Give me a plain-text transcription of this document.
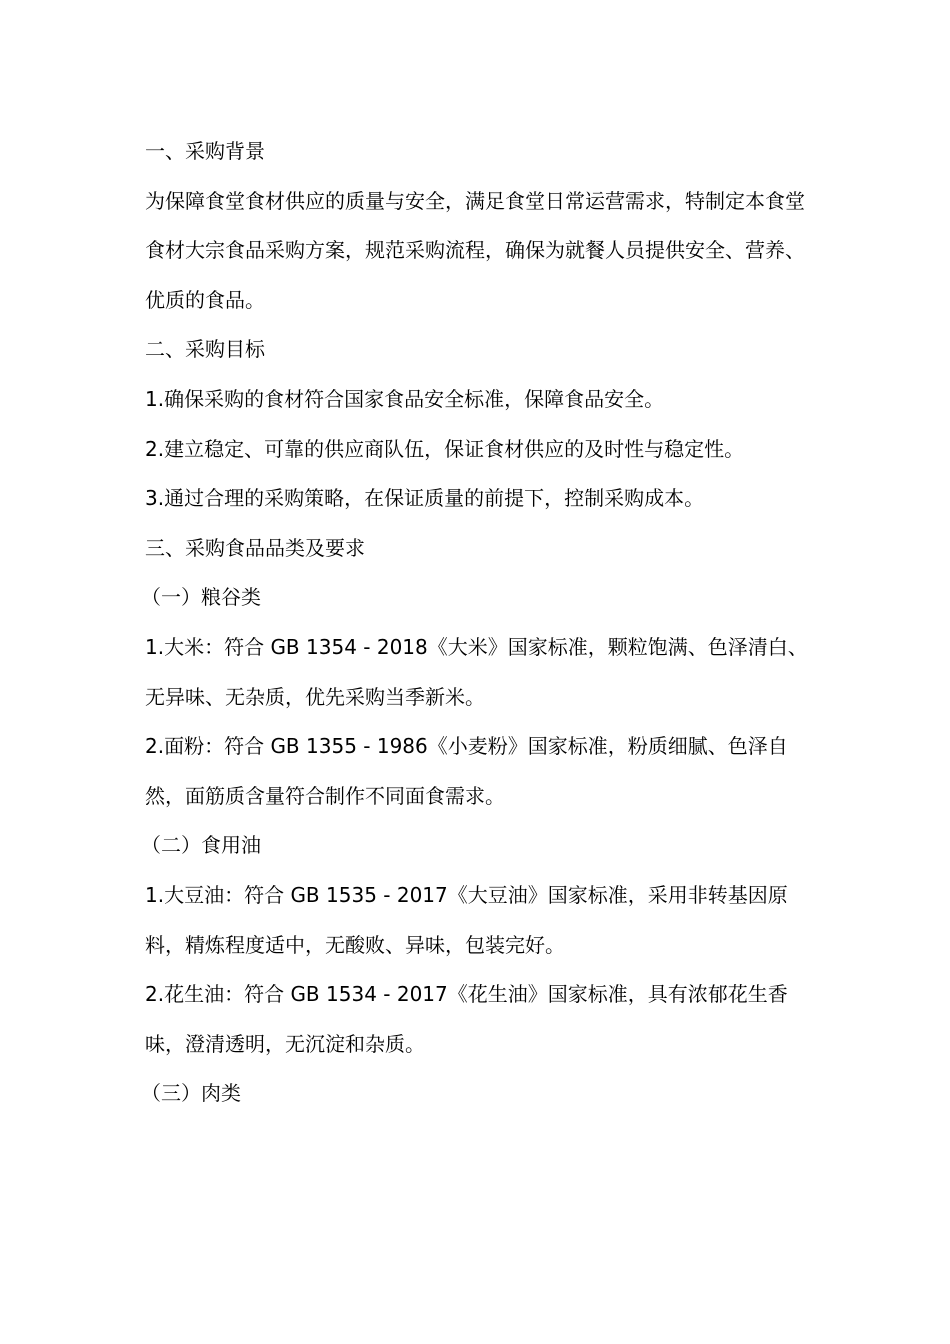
一、采购背景

为保障食堂食材供应的质量与安全，满足食堂日常运营需求，特制定本食堂食材大宗食品采购方案，规范采购流程，确保为就餐人员提供安全、营养、优质的食品。

二、采购目标

1.确保采购的食材符合国家食品安全标准，保障食品安全。

2.建立稳定、可靠的供应商队伍，保证食材供应的及时性与稳定性。

3.通过合理的采购策略，在保证质量的前提下，控制采购成本。

三、采购食品品类及要求

（一）粮谷类

1.大米：符合 GB 1354 - 2018《大米》国家标准，颗粒饱满、色泽清白、无异味、无杂质，优先采购当季新米。

2.面粉：符合 GB 1355 - 1986《小麦粉》国家标准，粉质细腻、色泽自然，面筋质含量符合制作不同面食需求。

（二）食用油

1.大豆油：符合 GB 1535 - 2017《大豆油》国家标准，采用非转基因原料，精炼程度适中，无酸败、异味，包装完好。

2.花生油：符合 GB 1534 - 2017《花生油》国家标准，具有浓郁花生香味，澄清透明，无沉淀和杂质。

（三）肉类
